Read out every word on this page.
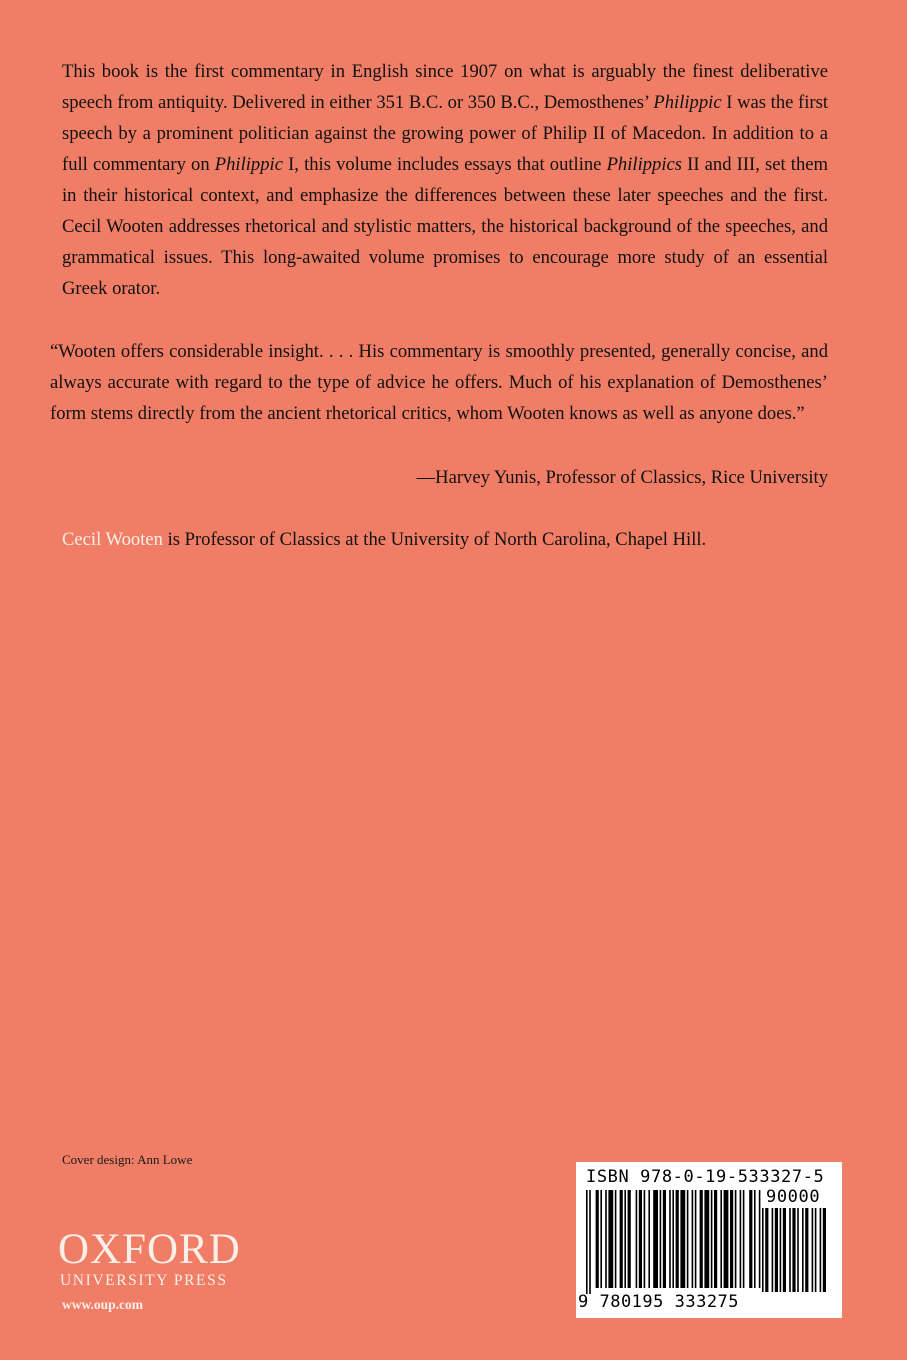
This book is the first commentary in English since 1907 on what is arguably the finest deliberative speech from antiquity. Delivered in either 351 B.C. or 350 B.C., Demosthenes’ Philippic I was the first speech by a prominent politician against the growing power of Philip II of Macedon. In addition to a full commentary on Philippic I, this volume includes essays that outline Philippics II and III, set them in their historical context, and emphasize the differences between these later speeches and the first. Cecil Wooten addresses rhetorical and stylistic matters, the historical background of the speeches, and grammatical issues. This long-awaited volume promises to encourage more study of an essential Greek orator.

“Wooten offers considerable insight. . . . His commentary is smoothly presented, generally concise, and always accurate with regard to the type of advice he offers. Much of his explanation of Demosthenes’ form stems directly from the ancient rhetorical critics, whom Wooten knows as well as anyone does.”

—Harvey Yunis, Professor of Classics, Rice University

Cecil Wooten is Professor of Classics at the University of North Carolina, Chapel Hill.

Cover design: Ann Lowe

OXFORD
UNIVERSITY PRESS
www.oup.com
ISBN 978-0-19-533327-5
90000
9 780195 333275
